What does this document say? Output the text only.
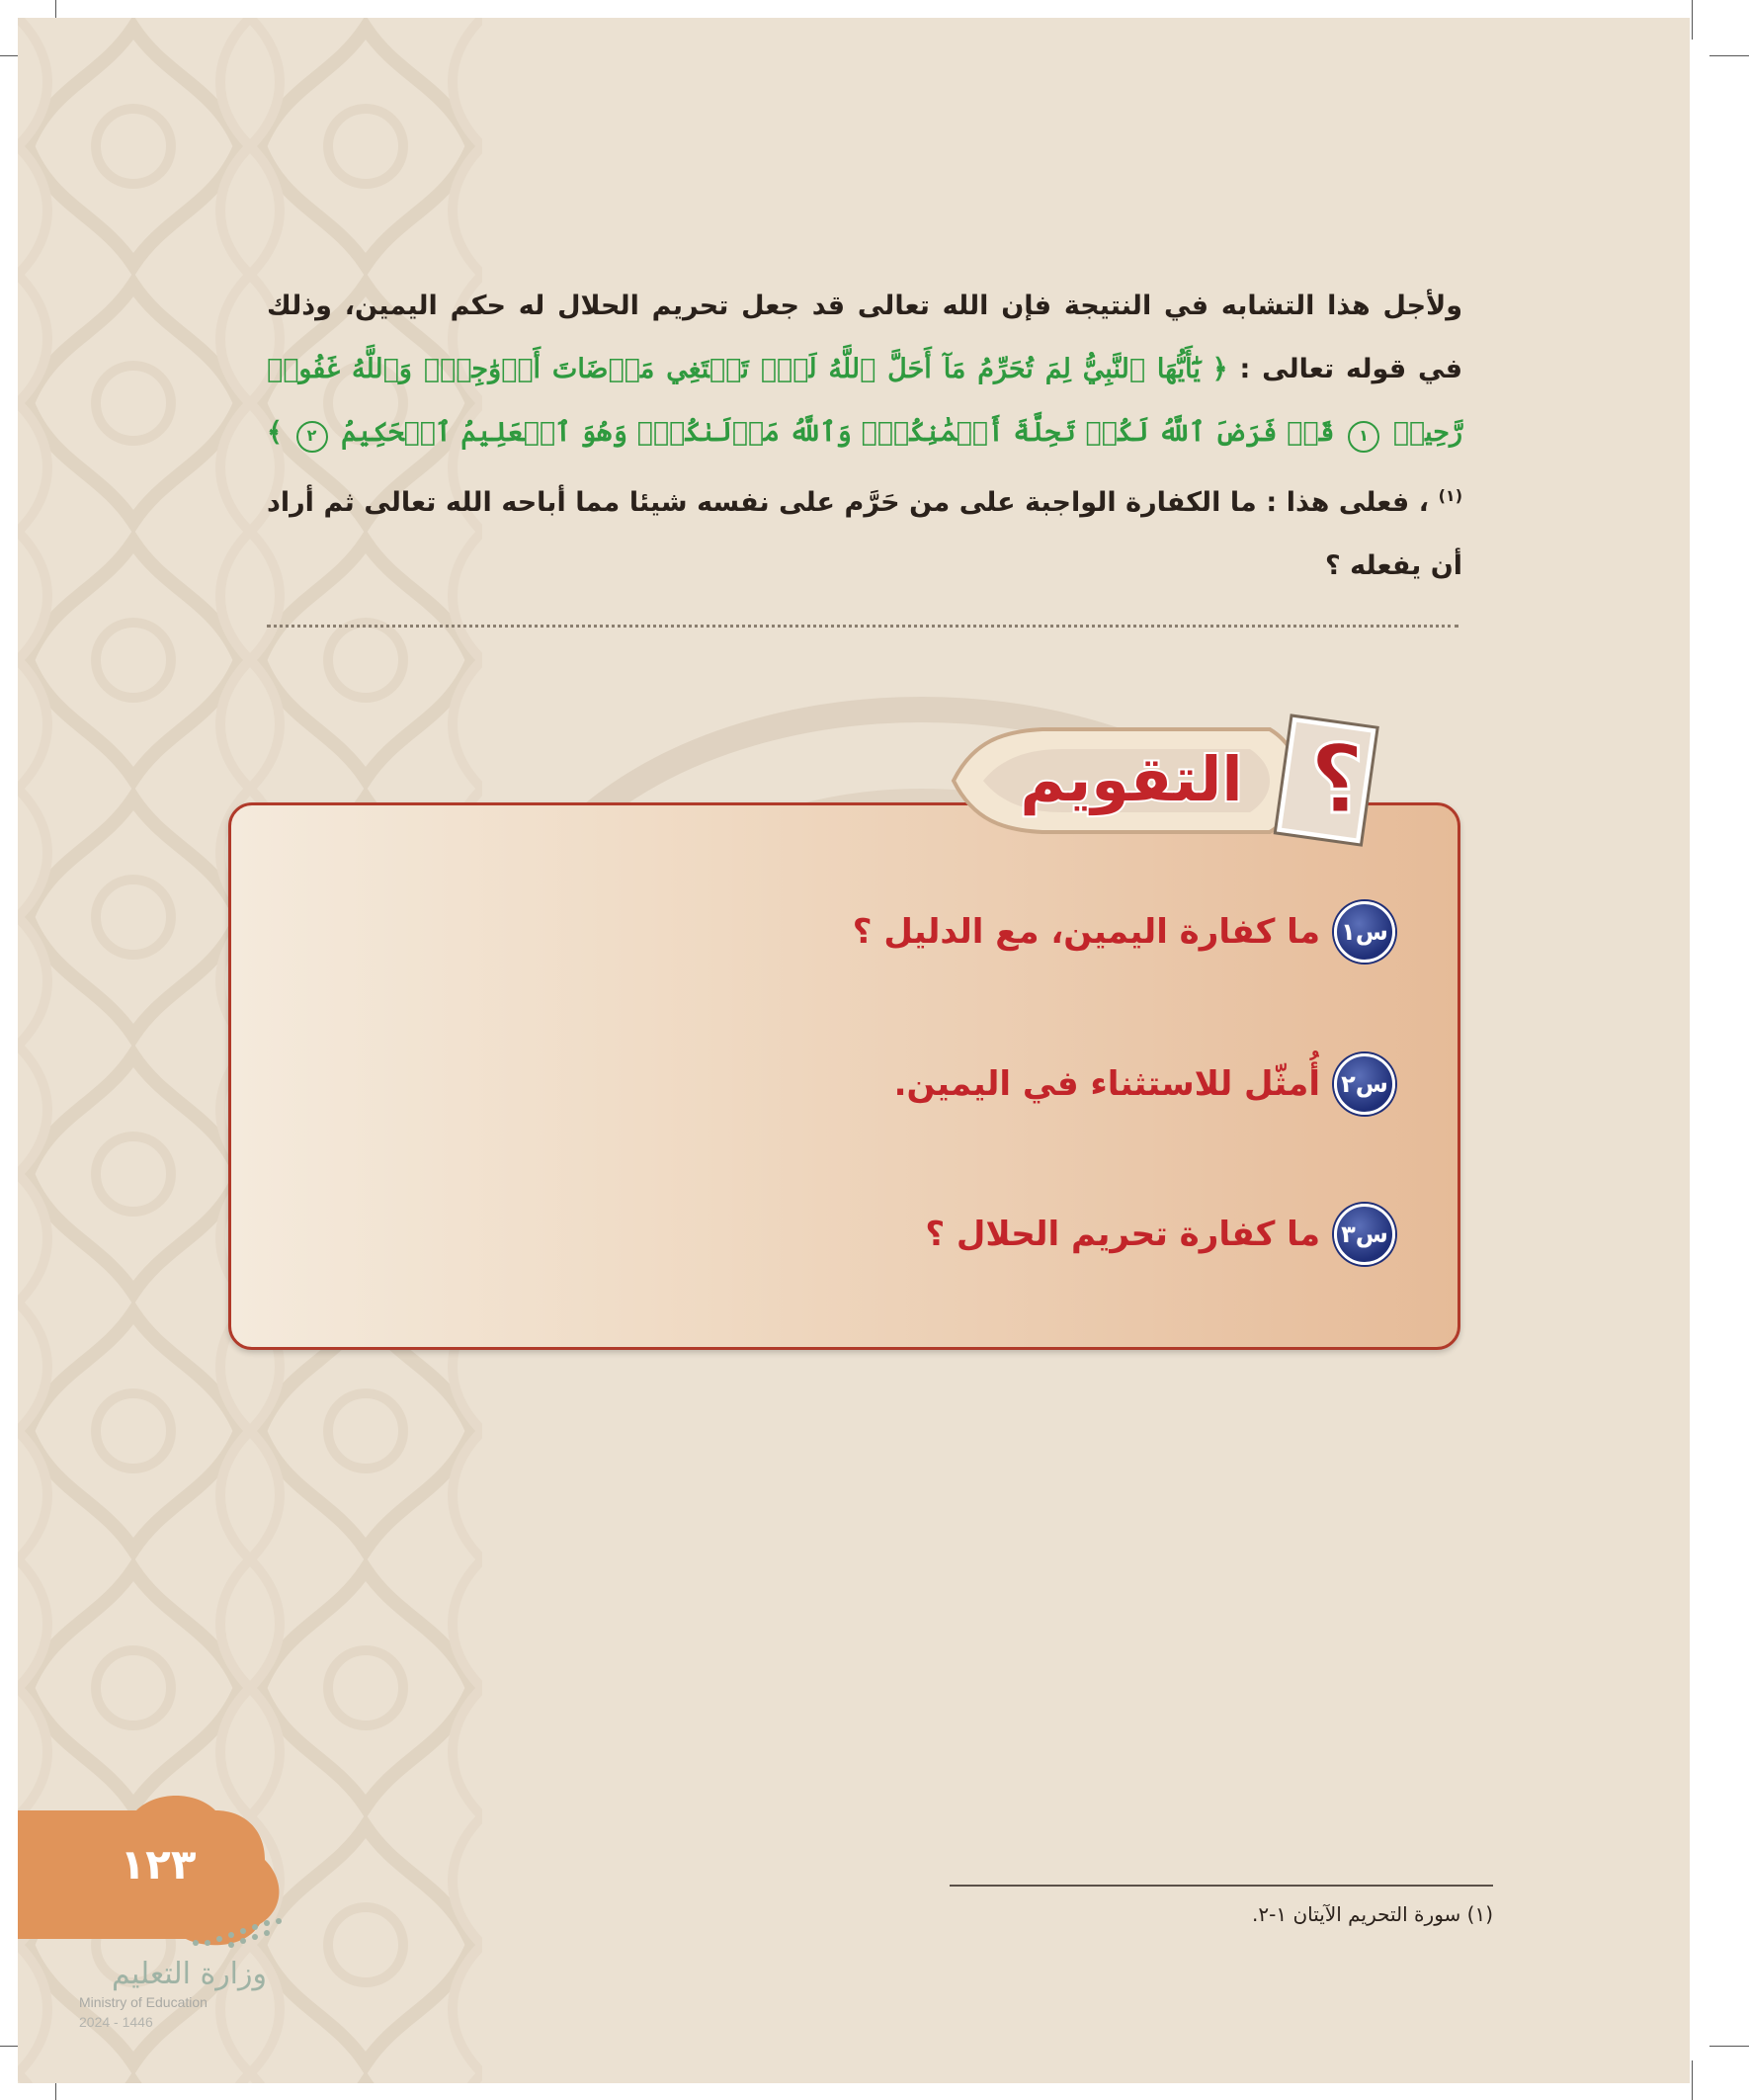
ولأجل هذا التشابه في النتيجة فإن الله تعالى قد جعل تحريم الحلال له حكم اليمين، وذلك في قوله تعالى : ﴿ يَٰٓأَيُّهَا ٱلنَّبِيُّ لِمَ تُحَرِّمُ مَآ أَحَلَّ ٱللَّهُ لَكَۖ تَبۡتَغِي مَرۡضَاتَ أَزۡوَٰجِكَۚ وَٱللَّهُ غَفُورٞ رَّحِيمٞ ١ قَدۡ فَرَضَ ٱللَّهُ لَكُمۡ تَحِلَّةَ أَيۡمَٰنِكُمۡۚ وَٱللَّهُ مَوۡلَىٰكُمۡۖ وَهُوَ ٱلۡعَلِيمُ ٱلۡحَكِيمُ ٢ ﴾ $^{(١)}$ ، فعلى هذا : ما الكفارة الواجبة على من حَرَّم على نفسه شيئا مما أباحه الله تعالى ثم أراد أن يفعله ؟
؟
التقويم
س١
ما كفارة اليمين، مع الدليل ؟
س٢
أُمثّل للاستثناء في اليمين.
س٣
ما كفارة تحريم الحلال ؟
١٢٣
وزارة التعليم
Ministry of Education
2024 - 1446
(١) سورة التحريم الآيتان ١-٢.
